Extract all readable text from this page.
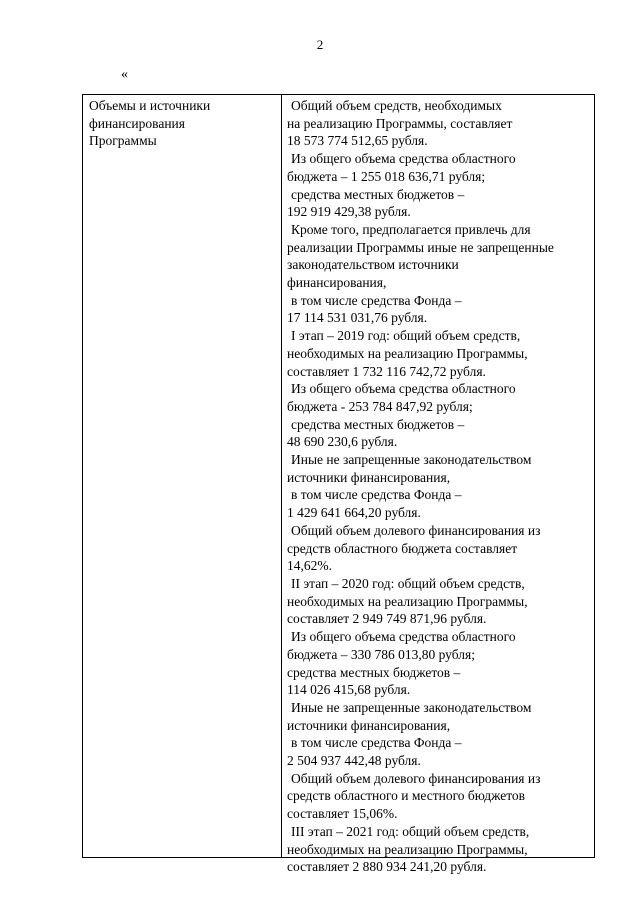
2
«
Объемы и источники
финансирования
Программы
Общий объем средств, необходимых
на реализацию Программы, составляет
18 573 774 512,65 рубля.
Из общего объема средства областного
бюджета – 1 255 018 636,71 рубля;
средства местных бюджетов –
192 919 429,38 рубля.
Кроме того, предполагается привлечь для
реализации Программы иные не запрещенные
законодательством источники
финансирования,
в том числе средства Фонда –
17 114 531 031,76 рубля.
I этап – 2019 год: общий объем средств,
необходимых на реализацию Программы,
составляет 1 732 116 742,72 рубля.
Из общего объема средства областного
бюджета - 253 784 847,92 рубля;
средства местных бюджетов –
48 690 230,6 рубля.
Иные не запрещенные законодательством
источники финансирования,
в том числе средства Фонда –
1 429 641 664,20 рубля.
Общий объем долевого финансирования из
средств областного бюджета составляет
14,62%.
II этап – 2020 год: общий объем средств,
необходимых на реализацию Программы,
составляет 2 949 749 871,96 рубля.
Из общего объема средства областного
бюджета – 330 786 013,80 рубля;
средства местных бюджетов –
114 026 415,68 рубля.
Иные не запрещенные законодательством
источники финансирования,
в том числе средства Фонда –
2 504 937 442,48 рубля.
Общий объем долевого финансирования из
средств областного и местного бюджетов
составляет 15,06%.
III этап – 2021 год: общий объем средств,
необходимых на реализацию Программы,
составляет 2 880 934 241,20 рубля.
